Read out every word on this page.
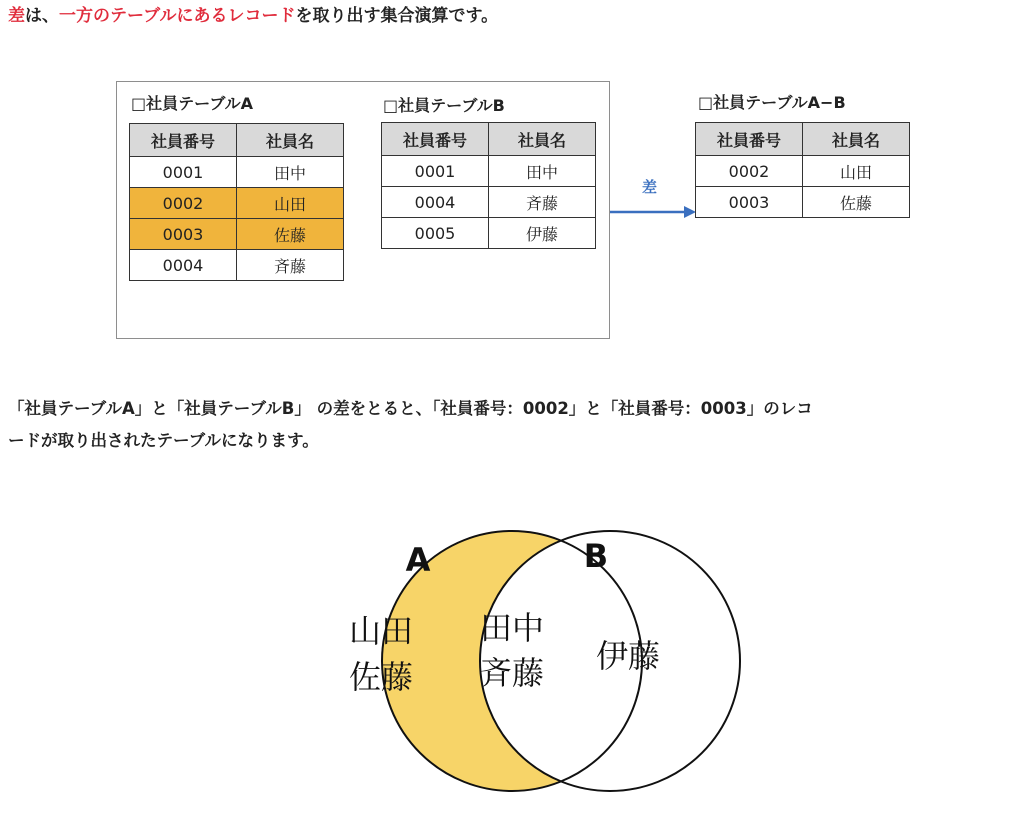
差は、一方のテーブルにあるレコードを取り出す集合演算です。
□社員テーブルA
社員番号	社員名
0001	田中
0002	山田
0003	佐藤
0004	斉藤
□社員テーブルB
社員番号	社員名
0001	田中
0004	斉藤
0005	伊藤
差
□社員テーブルA−B
社員番号	社員名
0002	山田
0003	佐藤

「社員テーブルA」と「社員テーブルB」 の差をとると、「社員番号：0002」と「社員番号：0003」のレコ

ードが取り出されたテーブルになります。

A	B
山田
佐藤
田中
斉藤 伊藤
